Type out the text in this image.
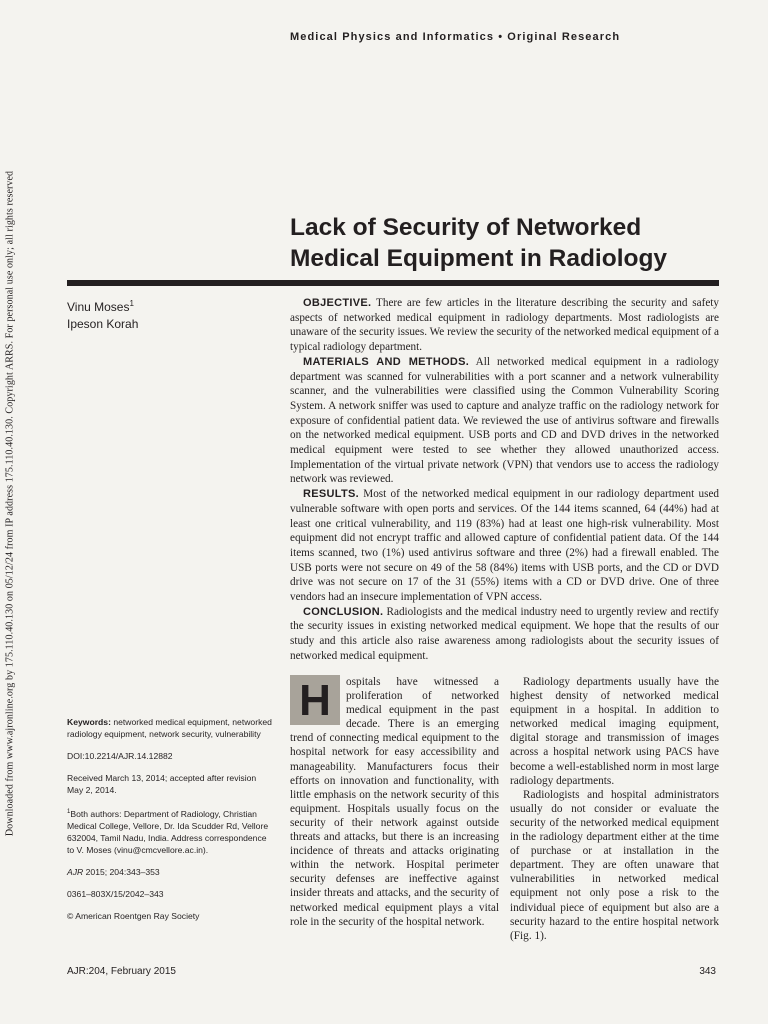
Downloaded from www.ajronline.org by 175.110.40.130 on 05/12/24 from IP address 175.110.40.130. Copyright ARRS. For personal use only; all rights reserved
Medical Physics and Informatics • Original Research
Lack of Security of Networked Medical Equipment in Radiology
Vinu Moses$^1$
Ipeson Korah

OBJECTIVE. There are few articles in the literature describing the security and safety aspects of networked medical equipment in radiology departments. Most radiologists are unaware of the security issues. We review the security of the networked medical equipment of a typical radiology department.

MATERIALS AND METHODS. All networked medical equipment in a radiology department was scanned for vulnerabilities with a port scanner and a network vulnerability scanner, and the vulnerabilities were classified using the Common Vulnerability Scoring System. A network sniffer was used to capture and analyze traffic on the radiology network for exposure of confidential patient data. We reviewed the use of antivirus software and firewalls on the networked medical equipment. USB ports and CD and DVD drives in the networked medical equipment were tested to see whether they allowed unauthorized access. Implementation of the virtual private network (VPN) that vendors use to access the radiology network was reviewed.

RESULTS. Most of the networked medical equipment in our radiology department used vulnerable software with open ports and services. Of the 144 items scanned, 64 (44%) had at least one critical vulnerability, and 119 (83%) had at least one high-risk vulnerability. Most equipment did not encrypt traffic and allowed capture of confidential patient data. Of the 144 items scanned, two (1%) used antivirus software and three (2%) had a firewall enabled. The USB ports were not secure on 49 of the 58 (84%) items with USB ports, and the CD or DVD drive was not secure on 17 of the 31 (55%) items with a CD or DVD drive. One of three vendors had an insecure implementation of VPN access.

CONCLUSION. Radiologists and the medical industry need to urgently review and rectify the security issues in existing networked medical equipment. We hope that the results of our study and this article also raise awareness among radiologists about the security issues of networked medical equipment.

Keywords: networked medical equipment, networked radiology equipment, network security, vulnerability

DOI:10.2214/AJR.14.12882

Received March 13, 2014; accepted after revision May 2, 2014.

$^1$Both authors: Department of Radiology, Christian Medical College, Vellore, Dr. Ida Scudder Rd, Vellore 632004, Tamil Nadu, India. Address correspondence to V. Moses (vinu@cmcvellore.ac.in).

AJR 2015; 204:343–353

0361–803X/15/2042–343

© American Roentgen Ray Society

H	ospitals have witnessed a proliferation of networked medical equipment in the past decade. There is an emerging trend of connecting medical equipment to the hospital network for easy accessibility and manageability. Manufacturers focus their efforts on innovation and functionality, with little emphasis on the network security of this equipment. Hospitals usually focus on the security of their network against outside threats and attacks, but there is an increasing incidence of threats and attacks originating within the network. Hospital perimeter security defenses are ineffective against insider threats and attacks, and the security of networked medical equipment plays a vital role in the security of the hospital network.

Radiology departments usually have the highest density of networked medical equipment in a hospital. In addition to networked medical imaging equipment, digital storage and transmission of images across a hospital network using PACS have become a well-established norm in most large radiology departments.

Radiologists and hospital administrators usually do not consider or evaluate the security of the networked medical equipment in the radiology department either at the time of purchase or at installation in the department. They are often unaware that vulnerabilities in networked medical equipment not only pose a risk to the individual piece of equipment but also are a security hazard to the entire hospital network (Fig. 1).

AJR:204, February 2015	343
